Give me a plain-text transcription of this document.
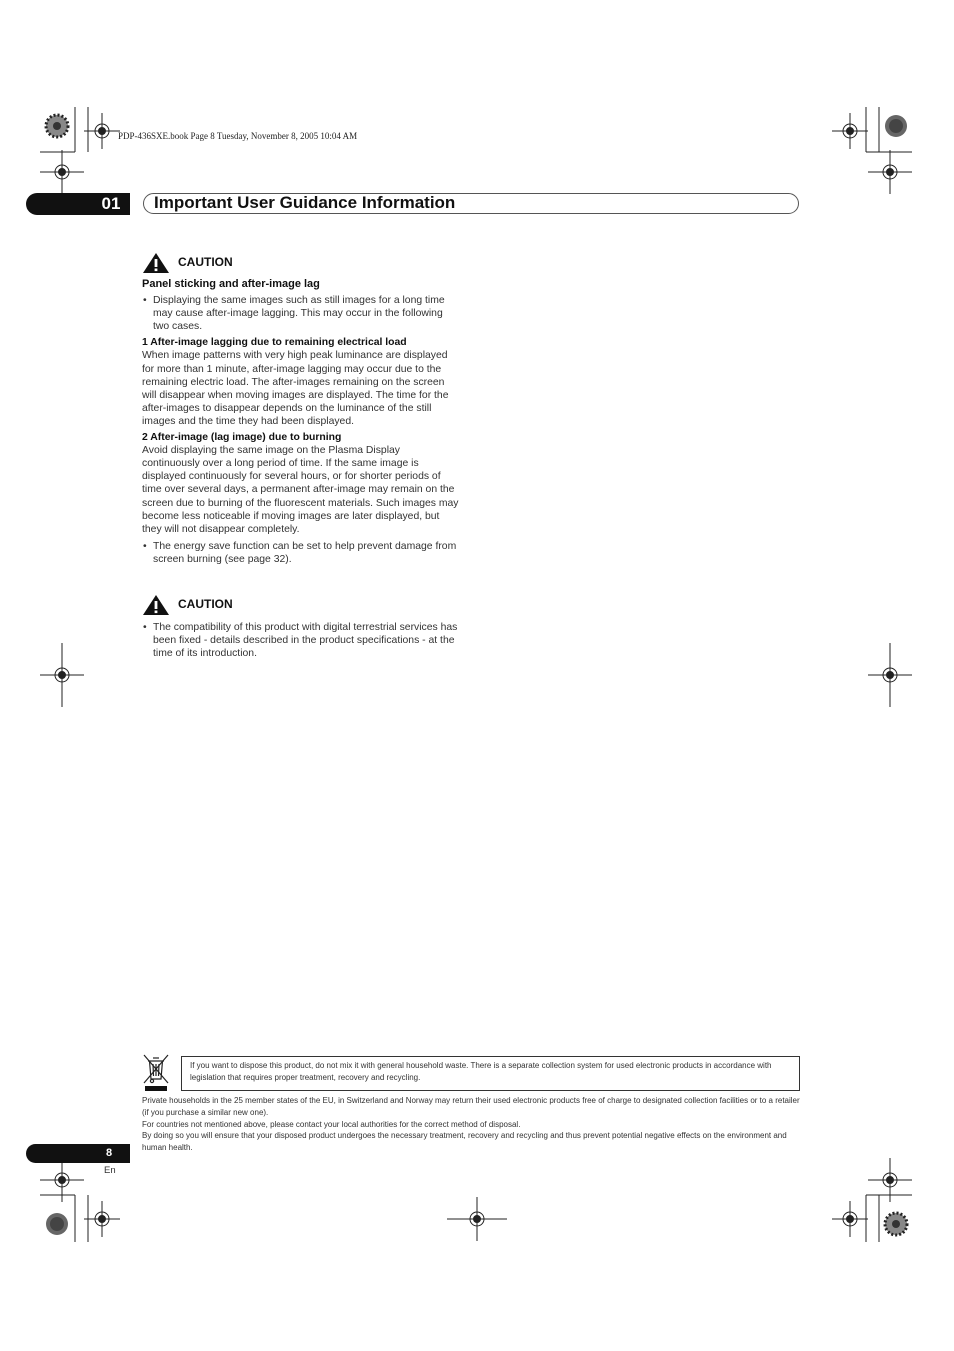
PDP-436SXE.book Page 8 Tuesday, November 8, 2005 10:04 AM
01	Important User Guidance Information
CAUTION
Panel sticking and after-image lag
• Displaying the same images such as still images for a long time may cause after-image lagging. This may occur in the following two cases.
1 After-image lagging due to remaining electrical load
When image patterns with very high peak luminance are displayed for more than 1 minute, after-image lagging may occur due to the remaining electric load. The after-images remaining on the screen will disappear when moving images are displayed. The time for the after-images to disappear depends on the luminance of the still images and the time they had been displayed.
2 After-image (lag image) due to burning
Avoid displaying the same image on the Plasma Display continuously over a long period of time. If the same image is displayed continuously for several hours, or for shorter periods of time over several days, a permanent after-image may remain on the screen due to burning of the fluorescent materials. Such images may become less noticeable if moving images are later displayed, but they will not disappear completely.
• The energy save function can be set to help prevent damage from screen burning (see page 32).
CAUTION
• The compatibility of this product with digital terrestrial services has been fixed - details described in the product specifications - at the time of its introduction.
If you want to dispose this product, do not mix it with general household waste. There is a separate collection system for used electronic products in accordance with legislation that requires proper treatment, recovery and recycling.
Private households in the 25 member states of the EU, in Switzerland and Norway may return their used electronic products free of charge to designated collection facilities or to a retailer (if you purchase a similar new one).
For countries not mentioned above, please contact your local authorities for the correct method of disposal.
By doing so you will ensure that your disposed product undergoes the necessary treatment, recovery and recycling and thus prevent potential negative effects on the environment and human health.
8
En
